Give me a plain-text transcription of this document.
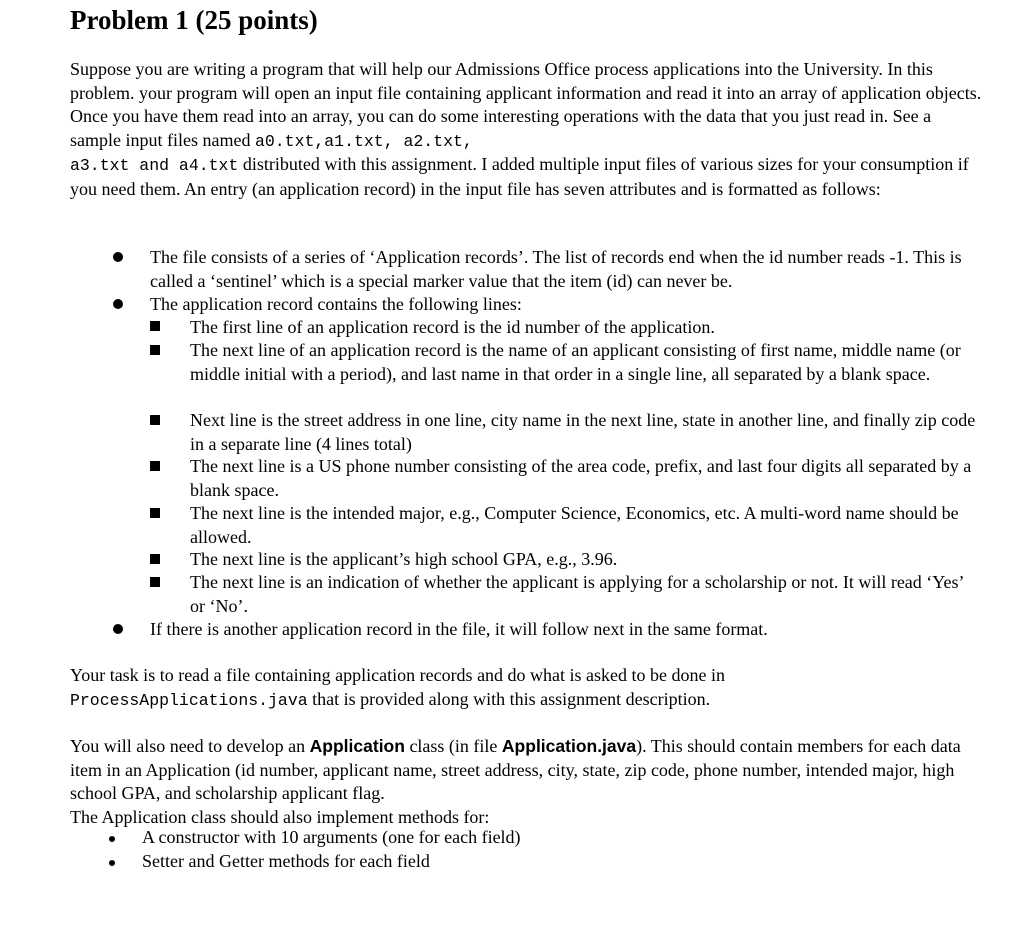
Problem 1 (25 points)

Suppose you are writing a program that will help our Admissions Office process applications into the University. In this problem. your program will open an input file containing applicant information and read it into an array of application objects. Once you have them read into an array, you can do some interesting operations with the data that you just read in. See a sample input files named a0.txt,a1.txt, a2.txt,
a3.txt and a4.txt distributed with this assignment. I added multiple input files of various sizes for your consumption if you need them. An entry (an application record) in the input file has seven attributes and is formatted as follows:

The file consists of a series of ‘Application records’. The list of records end when the id number reads -1. This is called a ‘sentinel’ which is a special marker value that the item (id) can never be.
The application record contains the following lines:
The first line of an application record is the id number of the application.
The next line of an application record is the name of an applicant consisting of first name, middle name (or middle initial with a period), and last name in that order in a single line, all separated by a blank space.
Next line is the street address in one line, city name in the next line, state in another line, and finally zip code in a separate line (4 lines total)
The next line is a US phone number consisting of the area code, prefix, and last four digits all separated by a blank space.
The next line is the intended major, e.g., Computer Science, Economics, etc. A multi-word name should be allowed.
The next line is the applicant’s high school GPA, e.g., 3.96.
The next line is an indication of whether the applicant is applying for a scholarship or not. It will read ‘Yes’ or ‘No’.
If there is another application record in the file, it will follow next in the same format.

Your task is to read a file containing application records and do what is asked to be done in
ProcessApplications.java that is provided along with this assignment description.

You will also need to develop an Application class (in file Application.java). This should contain members for each data item in an Application (id number, applicant name, street address, city, state, zip code, phone number, intended major, high school GPA, and scholarship applicant flag.
The Application class should also implement methods for:

A constructor with 10 arguments (one for each field)
Setter and Getter methods for each field
